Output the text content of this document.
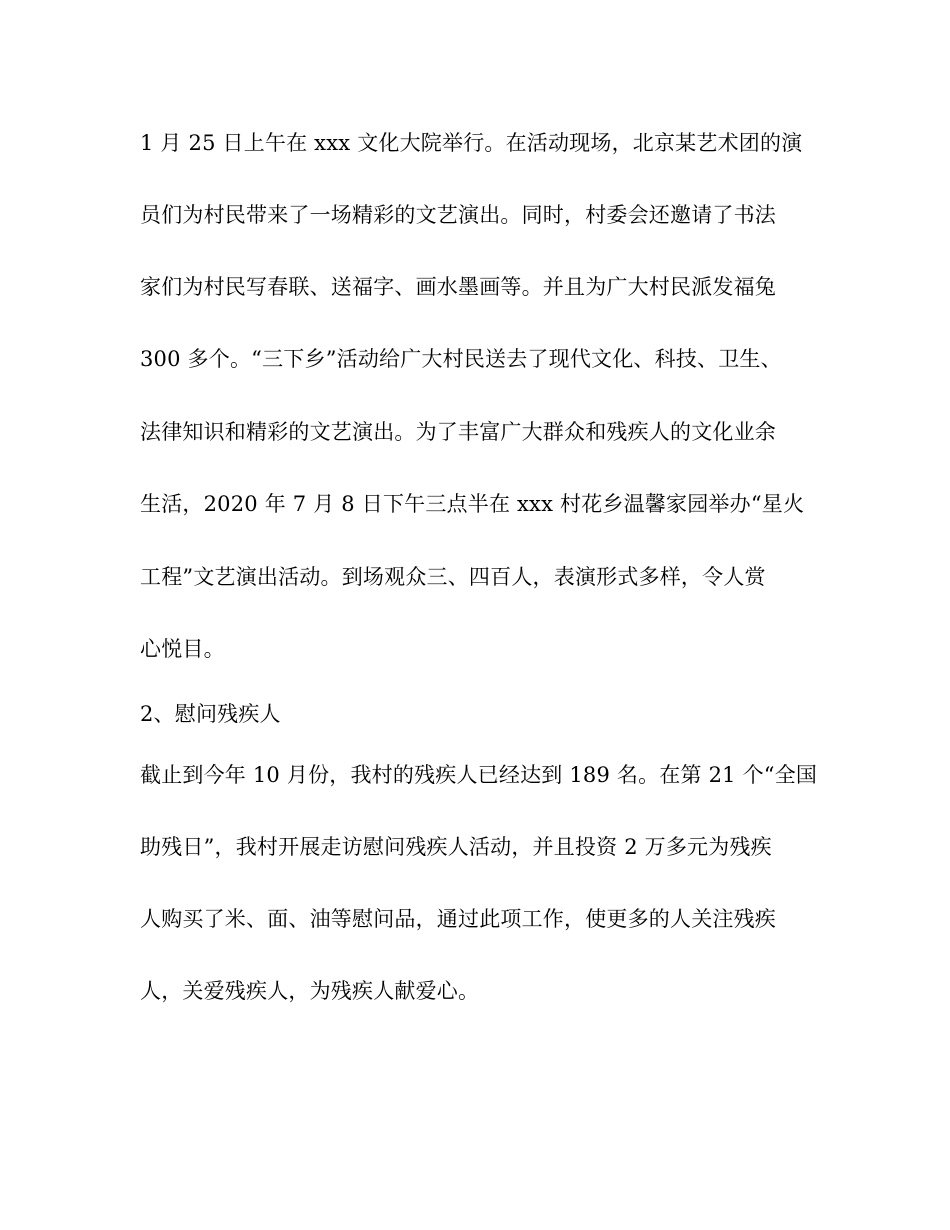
1 月 25 日上午在 xxx 文化大院举行。在活动现场，北京某艺术团的演
员们为村民带来了一场精彩的文艺演出。同时，村委会还邀请了书法
家们为村民写春联、送福字、画水墨画等。并且为广大村民派发福兔
300 多个。“三下乡”活动给广大村民送去了现代文化、科技、卫生、
法律知识和精彩的文艺演出。为了丰富广大群众和残疾人的文化业余
生活，2020 年 7 月 8 日下午三点半在 xxx 村花乡温馨家园举办“星火
工程”文艺演出活动。到场观众三、四百人，表演形式多样，令人赏
心悦目。
2、慰问残疾人
截止到今年 10 月份，我村的残疾人已经达到 189 名。在第 21 个“全国
助残日”，我村开展走访慰问残疾人活动，并且投资 2 万多元为残疾
人购买了米、面、油等慰问品，通过此项工作，使更多的人关注残疾
人，关爱残疾人，为残疾人献爱心。
